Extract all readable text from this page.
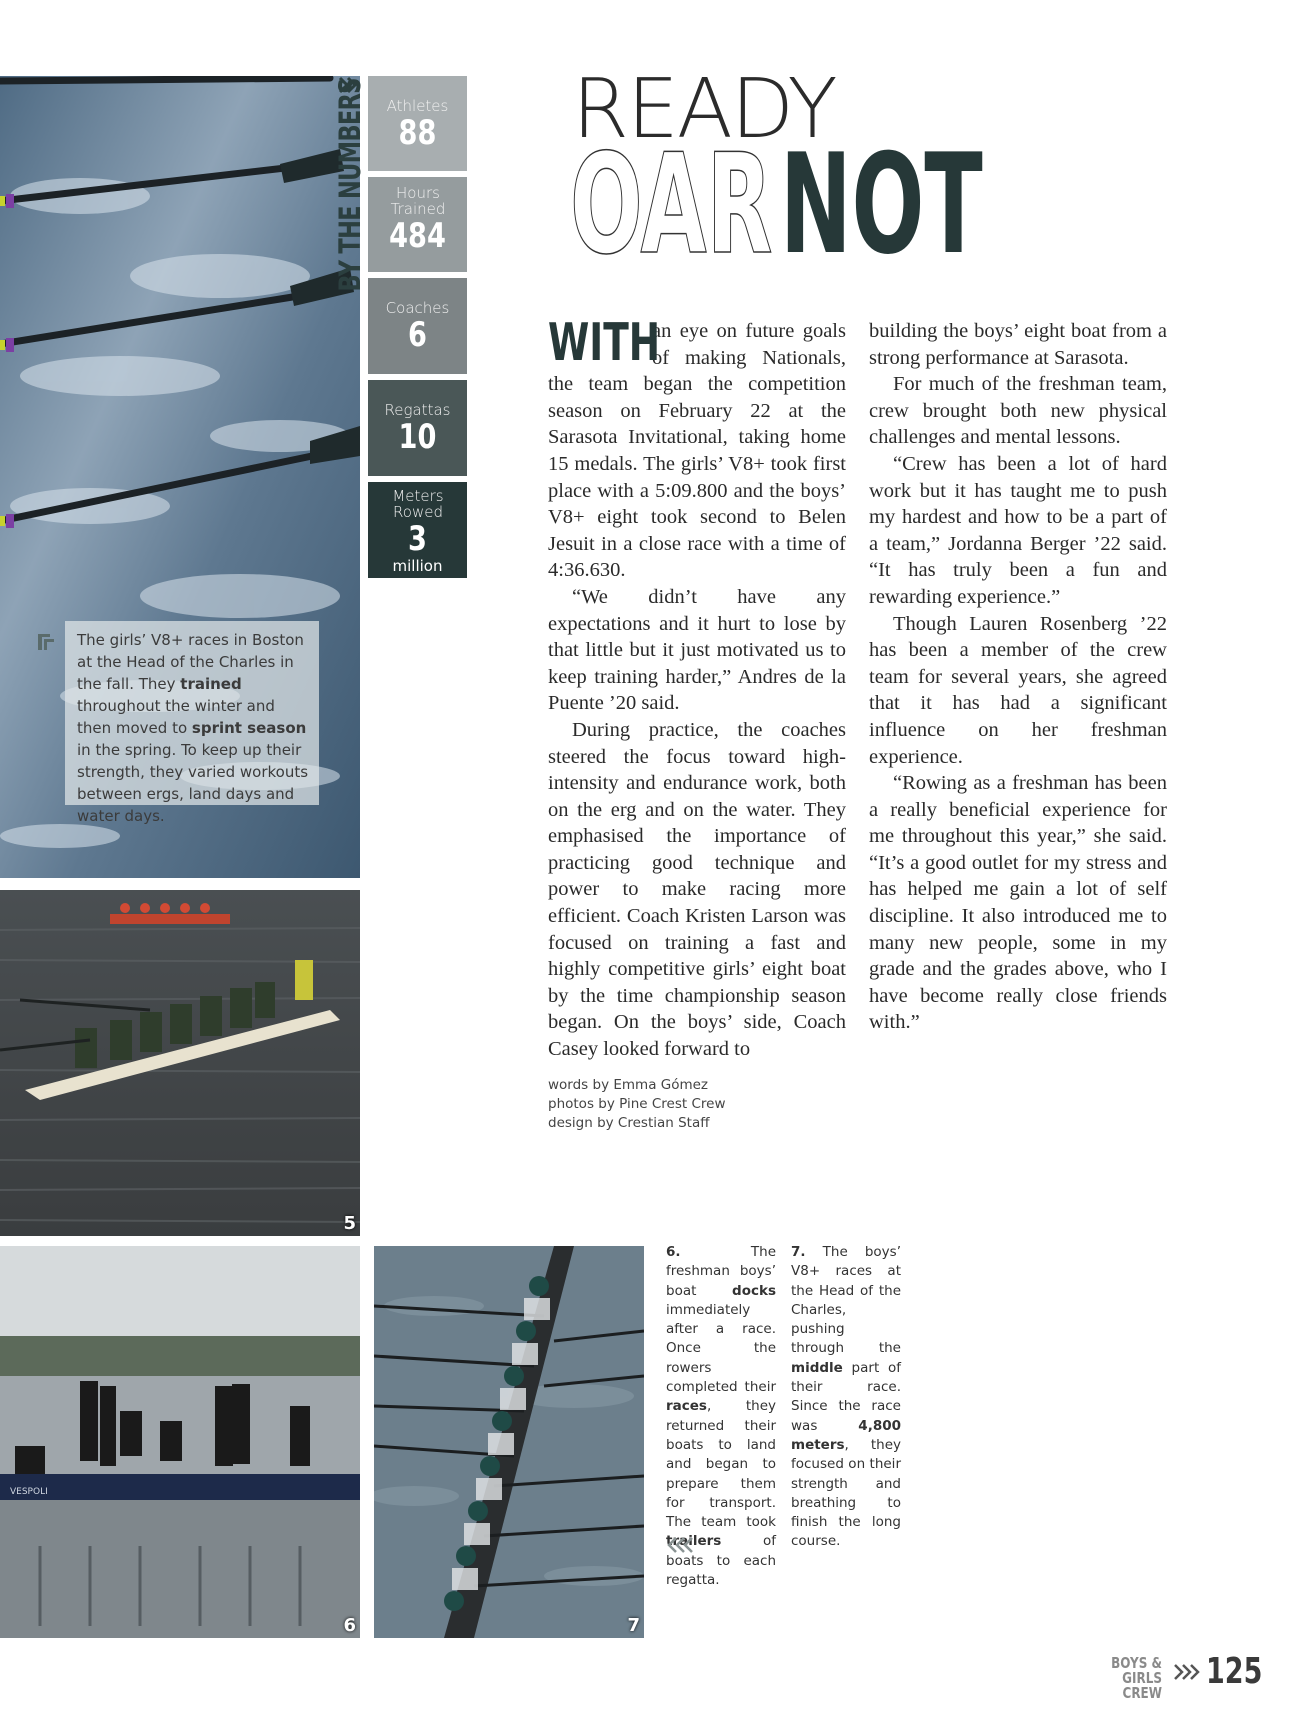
The girls’ V8+ races in Boston at the Head of the Charles in the fall. They trained throughout the winter and then moved to sprint season in the spring. To keep up their strength, they varied workouts between ergs, land days and water days.

5
VESPOLI
6	7
BY THE NUMBERS	Athletes
88
Hours Trained
484
Coaches
6
Regattas
10
Meters Rowed
3
million
READY
OAR NOT

WITH
an eye on future goals of making Nationals, the team began the competition season on February 22 at the Sarasota Invitational, taking home 15 medals. The girls’ V8+ took first place with a 5:09.800 and the boys’ V8+ eight took second to Belen Jesuit in a close race with a time of 4:36.630.

“We didn’t have any expectations and it hurt to lose by that little but it just motivated us to keep training harder,” Andres de la Puente ’20 said.

During practice, the coaches steered the focus toward high-intensity and endurance work, both on the erg and on the water. They emphasised the importance of practicing good technique and power to make racing more efficient. Coach Kristen Larson was focused on training a fast and highly competitive girls’ eight boat by the time championship season began. On the boys’ side, Coach Casey looked forward to

building the boys’ eight boat from a strong performance at Sarasota.

For much of the freshman team, crew brought both new physical challenges and mental lessons.

“Crew has been a lot of hard work but it has taught me to push my hardest and how to be a part of a team,” Jordanna Berger ’22 said. “It has truly been a fun and rewarding experience.”

Though Lauren Rosenberg ’22 has been a member of the crew team for several years, she agreed that it has had a significant influence on her freshman experience.

“Rowing as a freshman has been a really beneficial experience for me throughout this year,” she said. “It’s a good outlet for my stress and has helped me gain a lot of self discipline. It also introduced me to many new people, some in my grade and the grades above, who I have become really close friends with.”

words by Emma Gómez
photos by Pine Crest Crew
design by Crestian Staff
6. The freshman boys’ boat docks immediately after a race. Once the rowers completed their races, they returned their boats to land and began to prepare them for transport. The team took trailers of boats to each regatta.
7. The boys’ V8+ races at the Head of the Charles, pushing through the middle part of their race. Since the race was 4,800 meters, they focused on their strength and breathing to finish the long course.
BOYS & GIRLS
CREW
125
